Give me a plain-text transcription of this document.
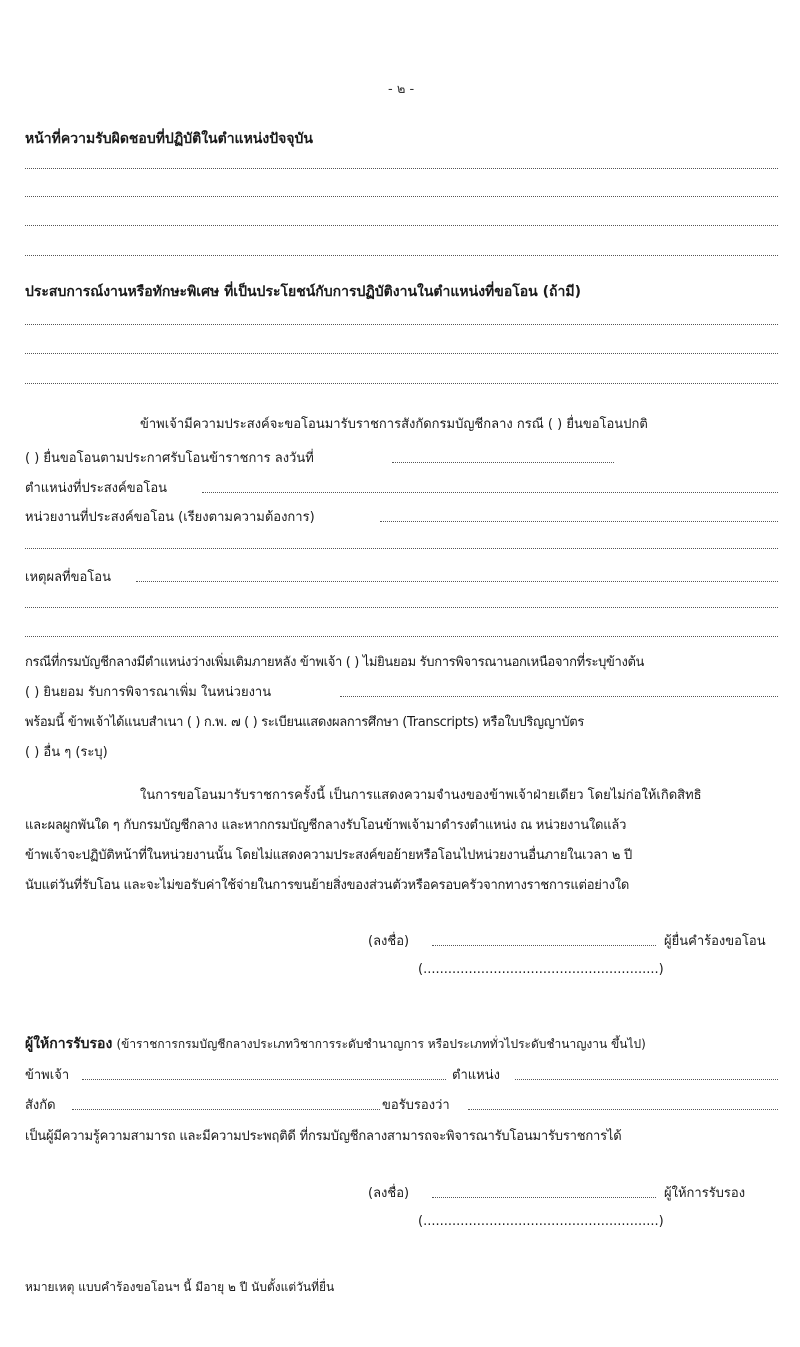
- ๒ -
หน้าที่ความรับผิดชอบที่ปฏิบัติในตำแหน่งปัจจุบัน
ประสบการณ์งานหรือทักษะพิเศษ ที่เป็นประโยชน์กับการปฏิบัติงานในตำแหน่งที่ขอโอน (ถ้ามี)
ข้าพเจ้ามีความประสงค์จะขอโอนมารับราชการสังกัดกรมบัญชีกลาง กรณี ( ) ยื่นขอโอนปกติ
( ) ยื่นขอโอนตามประกาศรับโอนข้าราชการ ลงวันที่
ตำแหน่งที่ประสงค์ขอโอน
หน่วยงานที่ประสงค์ขอโอน (เรียงตามความต้องการ)
เหตุผลที่ขอโอน
กรณีที่กรมบัญชีกลางมีตำแหน่งว่างเพิ่มเติมภายหลัง ข้าพเจ้า ( ) ไม่ยินยอม รับการพิจารณานอกเหนือจากที่ระบุข้างต้น
( ) ยินยอม รับการพิจารณาเพิ่ม ในหน่วยงาน
พร้อมนี้ ข้าพเจ้าได้แนบสำเนา ( ) ก.พ. ๗ ( ) ระเบียนแสดงผลการศึกษา (Transcripts) หรือใบปริญญาบัตร
( ) อื่น ๆ (ระบุ)
ในการขอโอนมารับราชการครั้งนี้ เป็นการแสดงความจำนงของข้าพเจ้าฝ่ายเดียว โดยไม่ก่อให้เกิดสิทธิ
และผลผูกพันใด ๆ กับกรมบัญชีกลาง และหากกรมบัญชีกลางรับโอนข้าพเจ้ามาดำรงตำแหน่ง ณ หน่วยงานใดแล้ว
ข้าพเจ้าจะปฏิบัติหน้าที่ในหน่วยงานนั้น โดยไม่แสดงความประสงค์ขอย้ายหรือโอนไปหน่วยงานอื่นภายในเวลา ๒ ปี
นับแต่วันที่รับโอน และจะไม่ขอรับค่าใช้จ่ายในการขนย้ายสิ่งของส่วนตัวหรือครอบครัวจากทางราชการแต่อย่างใด
(ลงชื่อ)	ผู้ยื่นคำร้องขอโอน
(.........................................................)
ผู้ให้การรับรอง (ข้าราชการกรมบัญชีกลางประเภทวิชาการระดับชำนาญการ หรือประเภททั่วไประดับชำนาญงาน ขึ้นไป)
ข้าพเจ้า	ตำแหน่ง
สังกัด	ขอรับรองว่า
เป็นผู้มีความรู้ความสามารถ และมีความประพฤติดี ที่กรมบัญชีกลางสามารถจะพิจารณารับโอนมารับราชการได้
(ลงชื่อ)	ผู้ให้การรับรอง
(.........................................................)
หมายเหตุ แบบคำร้องขอโอนฯ นี้ มีอายุ ๒ ปี นับตั้งแต่วันที่ยื่น
